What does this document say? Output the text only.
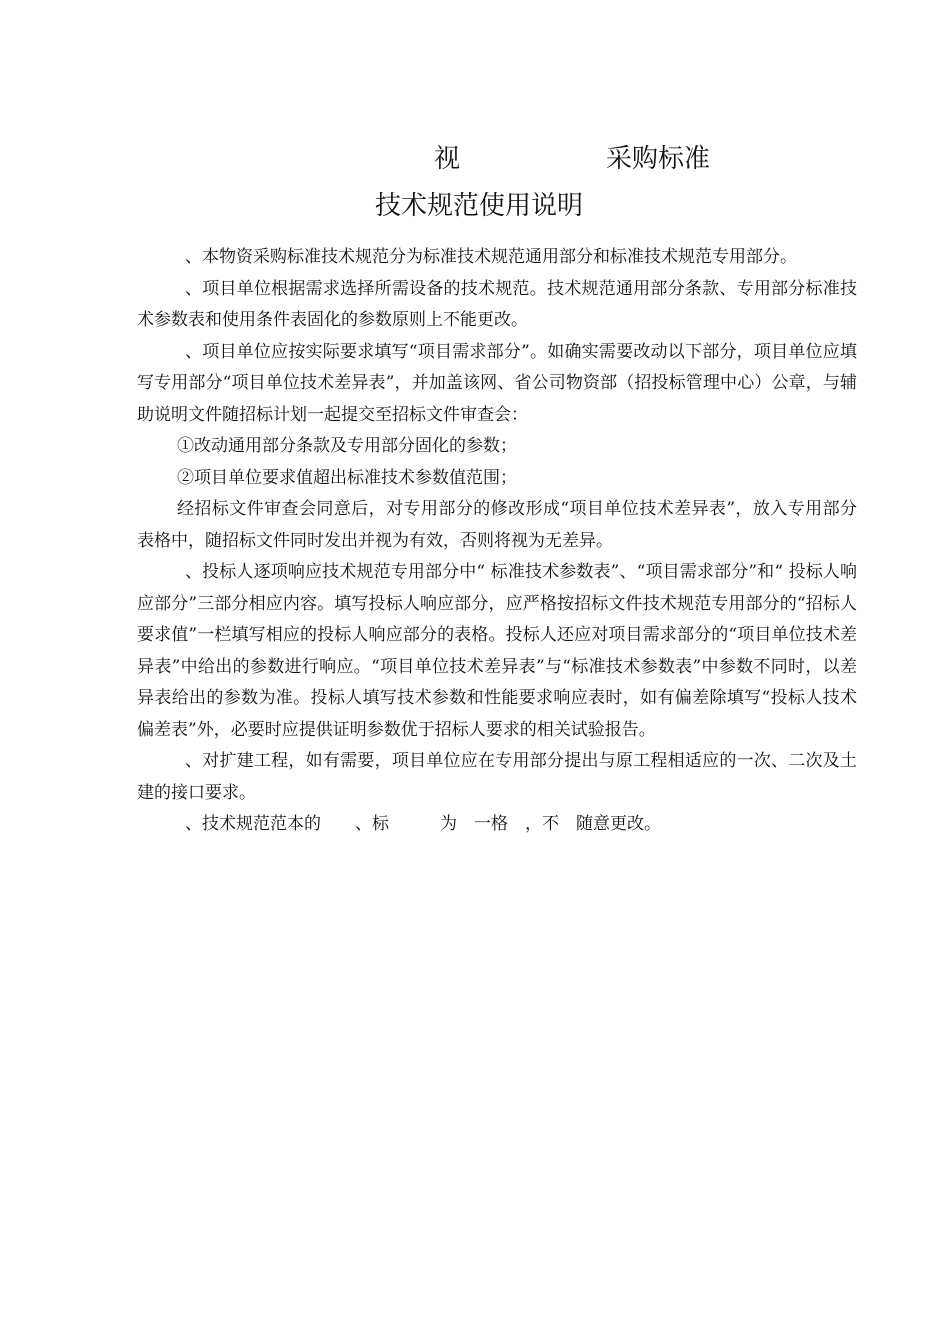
视	采购标准
技术规范使用说明

、本物资采购标准技术规范分为标准技术规范通用部分和标准技术规范专用部分。

、项目单位根据需求选择所需设备的技术规范。技术规范通用部分条款、专用部分标准技术参数表和使用条件表固化的参数原则上不能更改。

、项目单位应按实际要求填写“项目需求部分”。如确实需要改动以下部分，项目单位应填写专用部分“项目单位技术差异表”，并加盖该网、省公司物资部（招投标管理中心）公章，与辅助说明文件随招标计划一起提交至招标文件审查会：

①改动通用部分条款及专用部分固化的参数；

②项目单位要求值超出标准技术参数值范围；

经招标文件审查会同意后，对专用部分的修改形成“项目单位技术差异表”，放入专用部分表格中，随招标文件同时发出并视为有效，否则将视为无差异。

、投标人逐项响应技术规范专用部分中“ 标准技术参数表”、“项目需求部分”和“ 投标人响应部分”三部分相应内容。填写投标人响应部分，应严格按招标文件技术规范专用部分的“招标人要求值”一栏填写相应的投标人响应部分的表格。投标人还应对项目需求部分的“项目单位技术差异表”中给出的参数进行响应。“项目单位技术差异表”与“标准技术参数表”中参数不同时，以差异表给出的参数为准。投标人填写技术参数和性能要求响应表时，如有偏差除填写“投标人技术偏差表”外，必要时应提供证明参数优于招标人要求的相关试验报告。

、对扩建工程，如有需要，项目单位应在专用部分提出与原工程相适应的一次、二次及土建的接口要求。

、技术规范范本的　　、标　　　为　一格　，不　随意更改。
